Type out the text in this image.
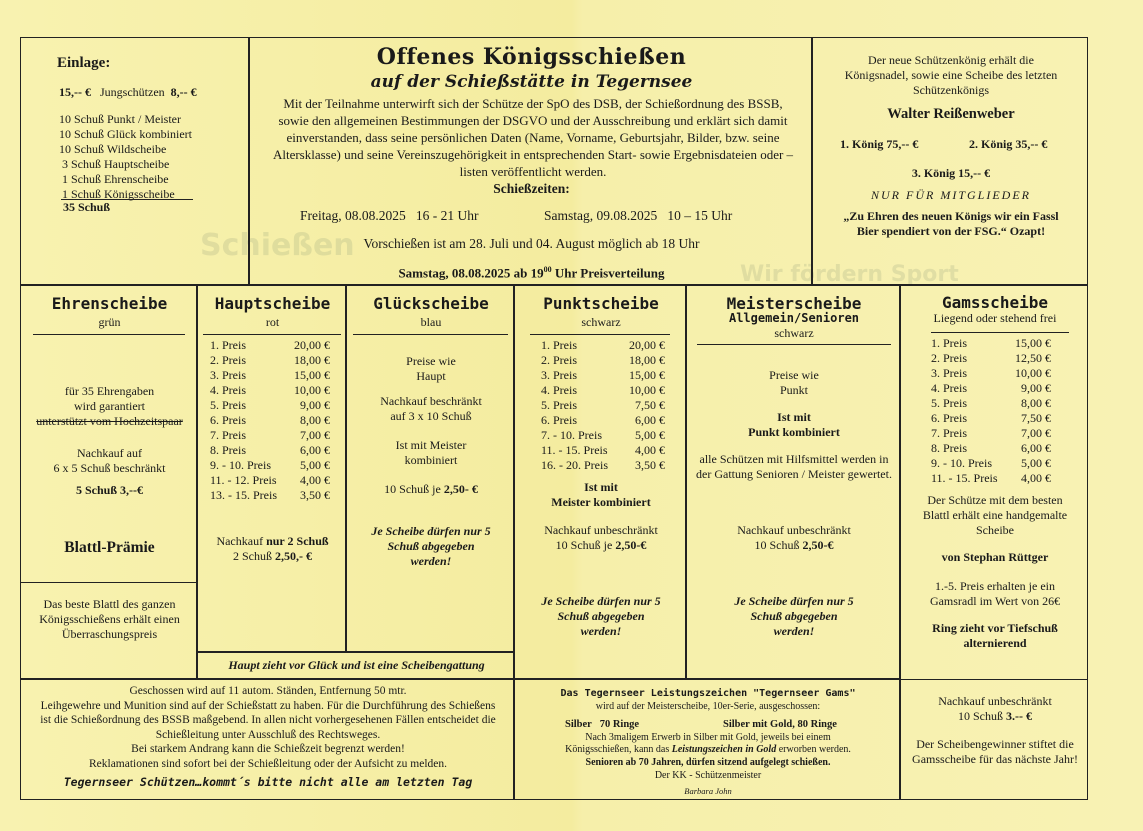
Schießen
Wir fördern Sport
Einlage:
15,-- € Jungschützen 8,-- €
10 Schuß Punkt / Meister
10 Schuß Glück kombiniert
10 Schuß Wildscheibe
3 Schuß Hauptscheibe
1 Schuß Ehrenscheibe
1 Schuß Königsscheibe
35 Schuß
Offenes Königsschießen
auf der Schießstätte in Tegernsee
Mit der Teilnahme unterwirft sich der Schütze der SpO des DSB, der Schießordnung des BSSB, sowie den allgemeinen Bestimmungen der DSGVO und der Ausschreibung und erklärt sich damit einverstanden, dass seine persönlichen Daten (Name, Vorname, Geburtsjahr, Bilder, bzw. seine Altersklasse) und seine Vereinszugehörigkeit in entsprechenden Start- sowie Ergebnisdateien oder –listen veröffentlicht werden.
Schießzeiten:
Freitag, 08.08.2025   16 - 21 Uhr	Samstag, 09.08.2025   10 – 15 Uhr
Vorschießen ist am 28. Juli und 04. August möglich ab 18 Uhr
Samstag, 08.08.2025 ab $19^{00}$ Uhr Preisverteilung
Der neue Schützenkönig erhält die Königsnadel, sowie eine Scheibe des letzten Schützenkönigs
Walter Reißenweber
1. König 75,-- €	2. König 35,-- €
3. König 15,-- €
NUR FÜR MITGLIEDER
„Zu Ehren des neuen Königs wir ein Fassl Bier spendiert von der FSG.“ Ozapt!
Ehrenscheibe
grün
für 35 Ehrengaben
wird garantiert
unterstützt vom Hochzeitspaar
Nachkauf auf
6 x 5 Schuß beschränkt
5 Schuß 3,--€
Blattl-Prämie
Das beste Blattl des ganzen Königsschießens erhält einen Überraschungspreis
Hauptscheibe
rot
1. Preis	20,00 €
2. Preis	18,00 €
3. Preis	15,00 €
4. Preis	10,00 €
5. Preis	9,00 €
6. Preis	8,00 €
7. Preis	7,00 €
8. Preis	6,00 €
9. - 10. Preis	5,00 €
11. - 12. Preis	4,00 €
13. - 15. Preis	3,50 €
Nachkauf nur 2 Schuß
2 Schuß 2,50,- €
Glückscheibe
blau
Preise wie
Haupt
Nachkauf beschränkt
auf 3 x 10 Schuß
Ist mit Meister
kombiniert
10 Schuß je 2,50- €
Je Scheibe dürfen nur 5 Schuß abgegeben werden!
Haupt zieht vor Glück und ist eine Scheibengattung
Punktscheibe
schwarz
1. Preis	20,00 €
2. Preis	18,00 €
3. Preis	15,00 €
4. Preis	10,00 €
5. Preis	7,50 €
6. Preis	6,00 €
7. - 10. Preis	5,00 €
11. - 15. Preis	4,00 €
16. - 20. Preis	3,50 €
Ist mit
Meister kombiniert
Nachkauf unbeschränkt
10 Schuß je 2,50-€
Je Scheibe dürfen nur 5 Schuß abgegeben werden!
Meisterscheibe
Allgemein/Senioren
schwarz
Preise wie
Punkt
Ist mit
Punkt kombiniert
alle Schützen mit Hilfsmittel werden in der Gattung Senioren / Meister gewertet.
Nachkauf unbeschränkt
10 Schuß 2,50-€
Je Scheibe dürfen nur 5 Schuß abgegeben werden!
Gamsscheibe
Liegend oder stehend frei
1. Preis	15,00 €
2. Preis	12,50 €
3. Preis	10,00 €
4. Preis	9,00 €
5. Preis	8,00 €
6. Preis	7,50 €
7. Preis	7,00 €
8. Preis	6,00 €
9. - 10. Preis	5,00 €
11. - 15. Preis	4,00 €
Der Schütze mit dem besten Blattl erhält eine handgemalte Scheibe
von Stephan Rüttger
1.-5. Preis erhalten je ein Gamsradl im Wert von 26€
Ring zieht vor Tiefschuß alternierend
Nachkauf unbeschränkt
10 Schuß 3.-- €
Der Scheibengewinner stiftet die Gamsscheibe für das nächste Jahr!
Geschossen wird auf 11 autom. Ständen, Entfernung 50 mtr.
Leihgewehre und Munition sind auf der Schießstatt zu haben. Für die Durchführung des Schießens
ist die Schießordnung des BSSB maßgebend. In allen nicht vorhergesehenen Fällen entscheidet die
Schießleitung unter Ausschluß des Rechtsweges.
Bei starkem Andrang kann die Schießzeit begrenzt werden!
Reklamationen sind sofort bei der Schießleitung oder der Aufsicht zu melden.
Tegernseer Schützen…kommt´s bitte nicht alle am letzten Tag
Das Tegernseer Leistungszeichen "Tegernseer Gams"
wird auf der Meisterscheibe, 10er-Serie, ausgeschossen:
Silber 70 Ringe	Silber mit Gold, 80 Ringe
Nach 3maligem Erwerb in Silber mit Gold, jeweils bei einem
Königsschießen, kann das Leistungszeichen in Gold erworben werden.
Senioren ab 70 Jahren, dürfen sitzend aufgelegt schießen.
Der KK - Schützenmeister
Barbara John
